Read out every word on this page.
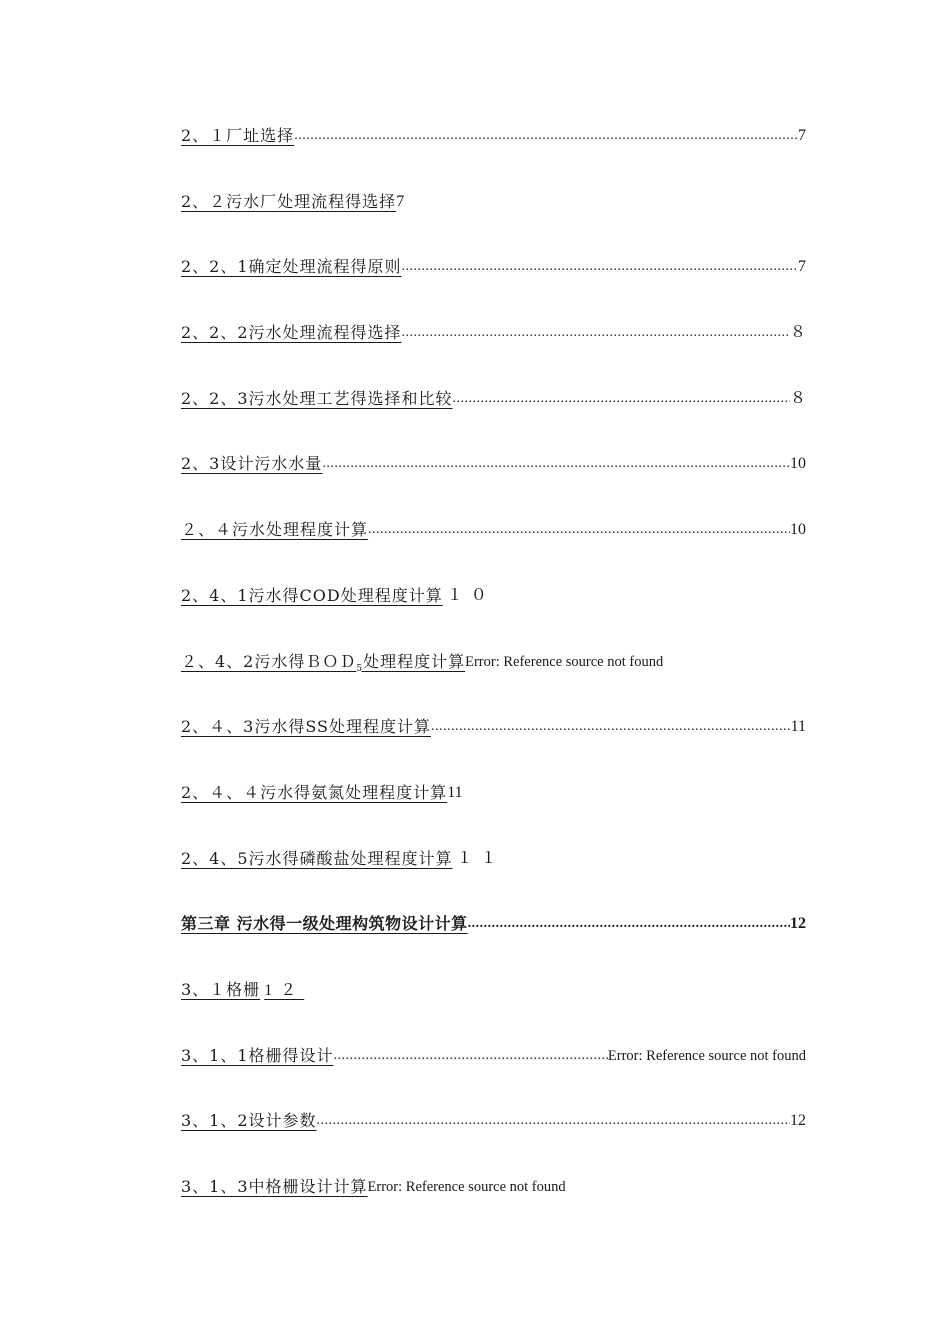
2、１厂址选择 .....	7
2、２污水厂处理流程得选择 7
2、2、1确定处理流程得原则 .....	7
2、2、2污水处理流程得选择 .....	８
2、2、3污水处理工艺得选择和比较 .....	８
2、3设计污水水量 .....	10
２、４污水处理程度计算 .....	10
2、4、1污水得COD处理程度计算 １０
２、4、2污水得ＢＯＤ$_5$处理程度计算 Error: Reference source not found
2、４、3污水得SS处理程度计算 .....	11
2、４、４污水得氨氮处理程度计算 11
2、4、5污水得磷酸盐处理程度计算 １１
第三章 污水得一级处理构筑物设计计算 .....	12
3、１格栅 1２
3、1、1格栅得设计 .....	Error: Reference source not found
3、1、2设计参数 .....	12
3、1、3中格栅设计计算 Error: Reference source not found
